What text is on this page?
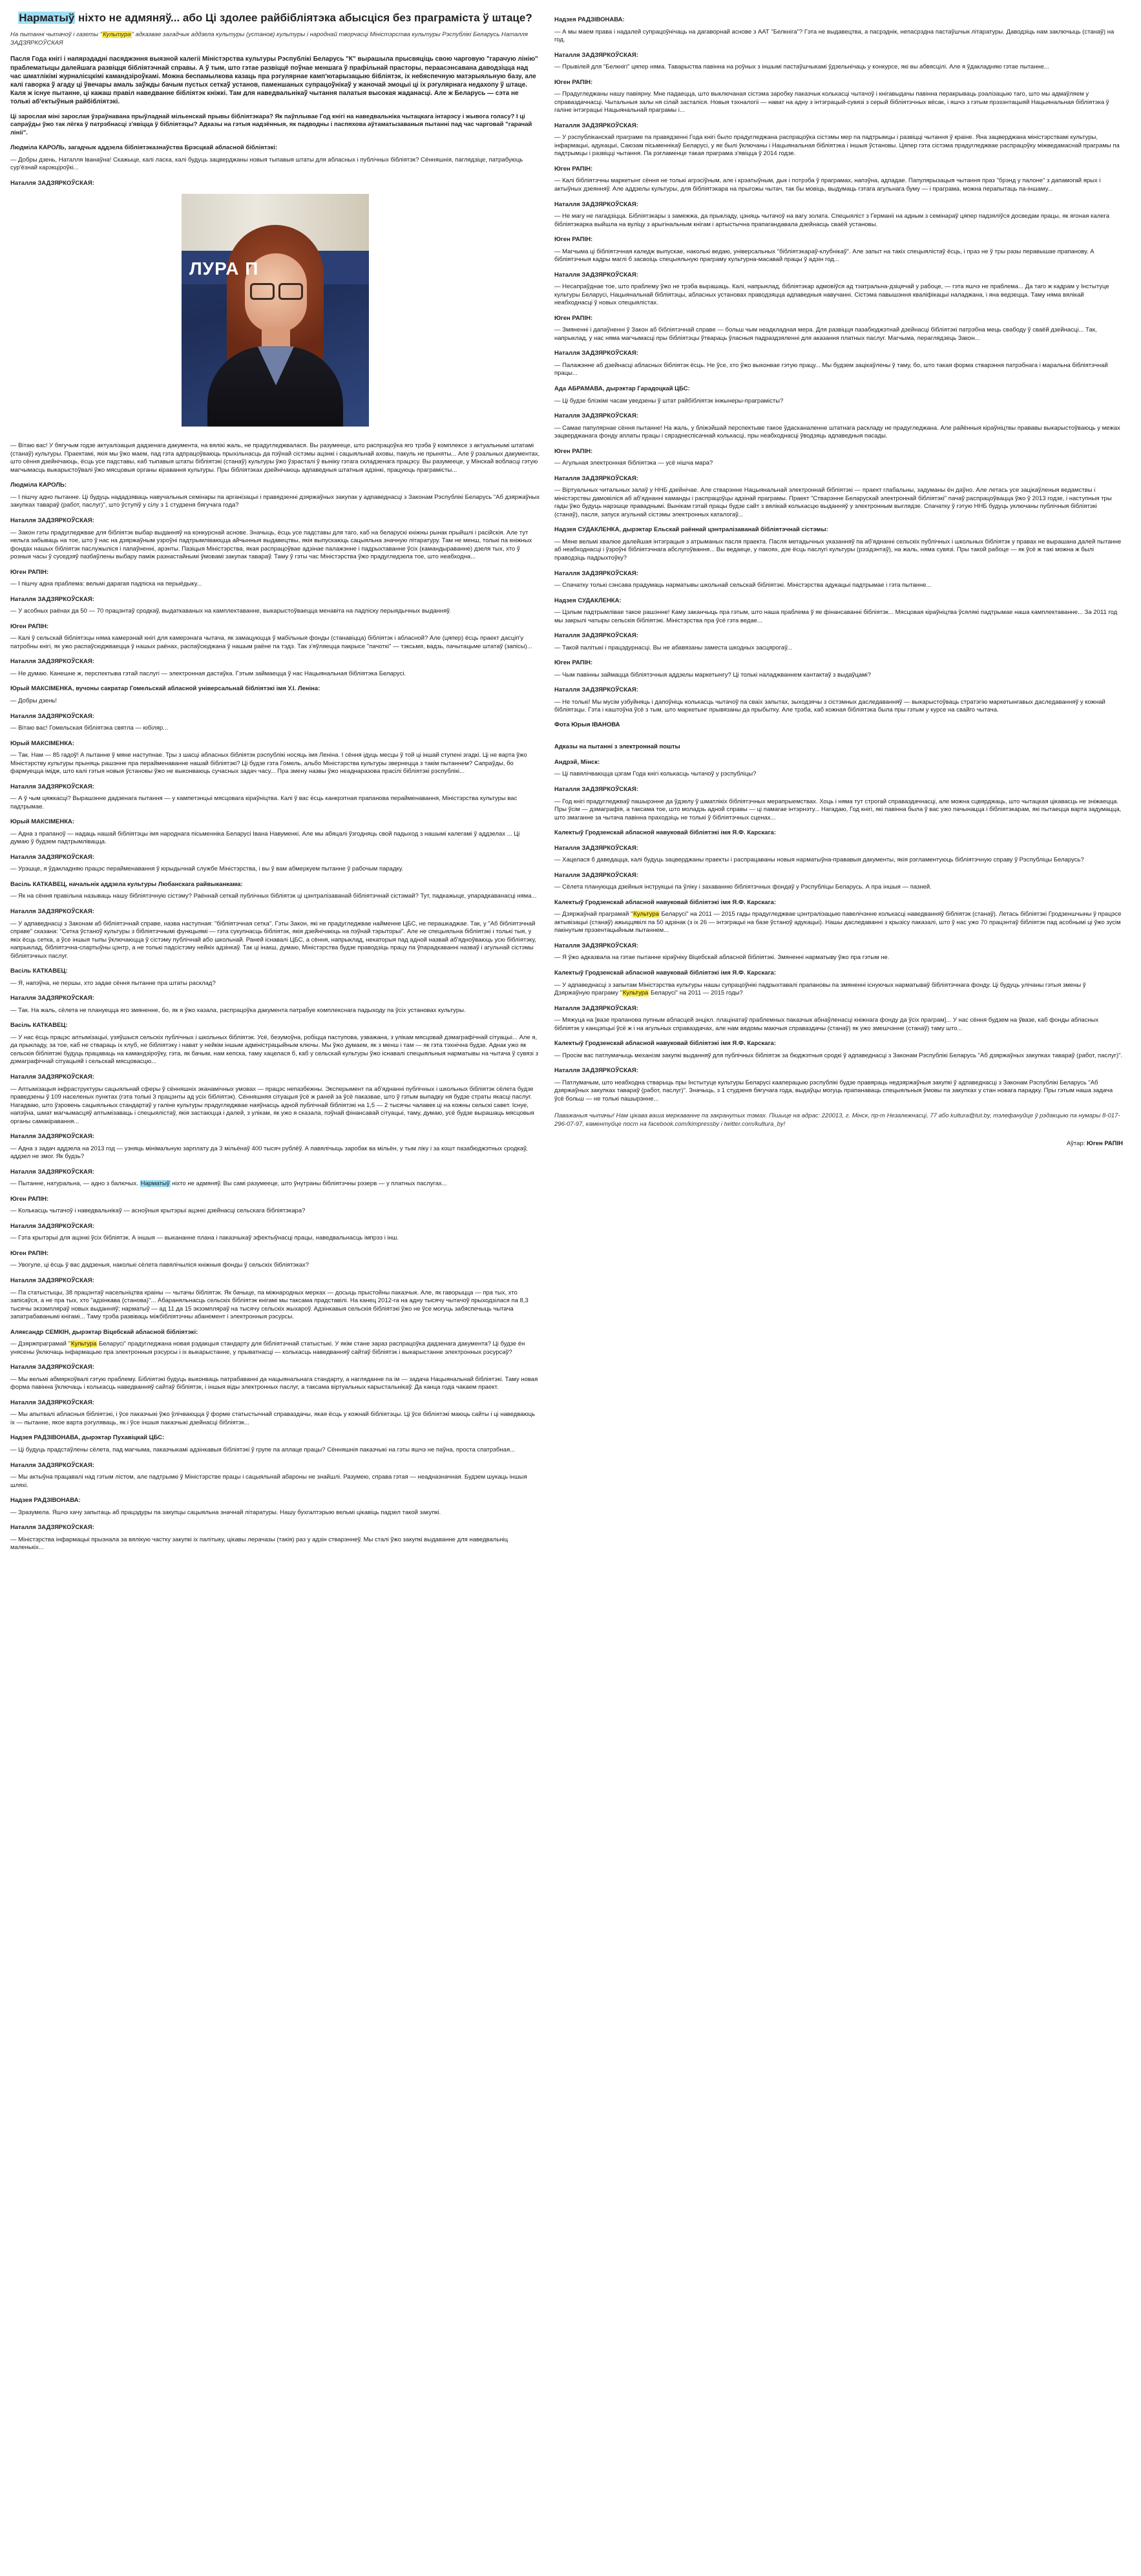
Нарматыў ніхто не адмяняў... або Ці здолее райбібліятэка абысціся без праграміста ў штаце?
На пытанні чытачоў і газеты "Культура" адказвае загадчык аддзела культуры (установ) культуры і народнай творчасці Міністэрства культуры Рэспублікі Беларусь Наталля ЗАДЗЯРКОЎСКАЯ
Пасля Года кнігі і напярэдадні пасяджэння выязной калегіі Міністэрства культуры Рэспублікі Беларусь "К" вырашыла прысвяціць свою чарговую "гарачую лінію" праблематыцы далейшага развіцця бібліятэчнай справы. А ў тым, што гэтае развіццё поўнае меншага ў прафільнай прасторы, пераасэнсавана даводзіцца над час шматлікімі журналісцкімі камандзіроўкамі. Можна беспамылкова казаць пра рэгулярнае камп'ютарызацыю бібліятэк, іх небяспечную матэрыяльную базу, але калі гаворка ў агаду ці ўвечары амаль заўжды бачым пустых сеткаў установ, паменшаных супрацоўнікаў у жаночай эмоцыі ці іх рэгулярнага недахопу ў штаце. Каля ж існуе пытанне, ці кажаш правіл наведванне бібліятэк кніжкі. Там для наведвальнікаў чытання палатыя высокая жаданасці. Але ж Беларусь — сэта не толькі аб'ектыўныя райбібліятэкі.
Ці зарослая міні зарослая ўзраўнавана прыўладнай мільенскай прывы бібліятэкара? Як паўплывае Год кнігі на наведвальніка чытацкага інтарэсу і жывога голасу? І ці сапраўды ўжо так лёгка ў патрэбнасці з'явіцца ў бібліятэцы? Адказы на гэтыя надзённыя, як падводны і паспяхова аўтаматызаваныя пытанні пад час чарговай "гарачай лініі".
Людміла КАРОЛЬ, загадчык аддзела бібліятэказнаўства Брэсцкай абласной бібліятэкі:
— Добры дзень, Наталля Іванаўна! Скажыце, калі ласка, калі будуць зацверджаны новыя тыпавыя штаты для абласных і публічных бібліятэк? Сённяшнія, паглядзіце, патрабуюць сур'ёзнай карэкціроўкі...
Наталля ЗАДЗЯРКОЎСКАЯ:
ЛУРА П
— Вітаю вас! У бягучым годзе актуалізацыя дадзенага дакумента, на вялікі жаль, не прадугледжвалася. Вы разумееце, што распрацоўка яго трэба ў комплексе з актуальнымі штатамі (станаў) культуры. Праектамі, якія мы ўжо маем, пад гэта адпрацоўваюць прыхільнасць да пэўнай сістэмы ацэнкі і сацыяльнай аховы, пакуль не прыняты... Але ў рэальных дакументах, што сёння дзейнічаюць, ёсць усе падставы, каб тыпавыя штаты бібліятэкі (станаў) культуры ўжо ўзрасталі ў выніку гэтага складзенага працэсу. Вы разумееце, у Мінскай вобласці гэтую магчымасць выкарыстоўвалі ўжо мясцовыя органы кіравання культуры. Пры бібліятэках дзейнічаюць адпаведныя штатныя адзінкі, працуюць праграмісты...
Людміла КАРОЛЬ:
— І пішчу адно пытанне. Ці будуць нададзяваць навучальныя семінары па арганізацыі і правядзенні дзяржаўных закупак у адпаведнасці з Законам Рэспублікі Беларусь "Аб дзяржаўных закупках тавараў (работ, паслуг)", што ўступіў у сілу з 1 студзеня бягучага года?
Наталля ЗАДЗЯРКОЎСКАЯ:
— Закон гэты прадугледжвае для бібліятэк выбар выданняў на конкурснай аснове. Значыць, ёсць усе падставы для таго, каб на беларускі кніжны рынак прыйшлі і расійскія. Але тут нельга забываць на тое, што ў нас на дзяржаўным узроўні падтрымліваюцца айчынныя выдавецтвы, якія выпускаюць сацыяльна значную літаратуру. Там не менш, толькі па кніжных фондах нашых бібліятэк паслужыліся і папаўненні, арэнты. Пазіцыя Міністэрства, якая распрацоўвае адзінае палажэнне і падрыхтаванне ўсіх (камандыраванне) дзеля тых, хто ў розныя часы ў суседзяў пазбаўлены выбару паміж разнастайнымі ўмовамі закупак тавараў. Таму ў гэты час Міністэрства ўжо прадугледзела тое, што неабходна...
Юген РАПІН:
— І пішчу адна праблема: вельмі дарагая падпіска на перыёдыку...
Наталля ЗАДЗЯРКОЎСКАЯ:
— У асобных раёнах да 50 — 70 працэнтаў сродкаў, выдаткаваных на камплектаванне, выкарыстоўваецца менавіта на падпіску перыядычных выданняў.
Юген РАПІН:
— Калі ў сельскай бібліятэцы няма камерэнай кнігі для камерэнага чытача, як замацуюцца ў мабільныя фонды (станавіцца) бібліятэк і абласной? Але (цяпер) ёсць праект дасціп'у патробны кнігі, як ужо распаўсюджваецца ў нашых раёнах, распаўсюджана ў нашым раёне па тэдэ. Так з'яўляецца пакрысе "пачоткі" — тэксьмя, вадзь, пачытацьме штатаў (запісы)...
Наталля ЗАДЗЯРКОЎСКАЯ:
— Не думаю. Канешне ж, перспектыва гэтай паслугі — электронная дастаўка. Гэтым займаецца ў нас Нацыянальная бібліятэка Беларусі.
Юрый МАКСІМЕНКА, вучоны сакратар Гомельскай абласной універсальнай бібліятэкі імя У.І. Леніна:
— Добры дзень!
Наталля ЗАДЗЯРКОЎСКАЯ:
— Вітаю вас! Гомельская бібліятэка святла — юбіляр...
Юрый МАКСІМЕНКА:
— Так. Нам — 85 гадоў! А пытанне ў мяне наступнае. Тры з шасці абласных бібліятэк рэспублікі носяць імя Леніна. І сёння ідуць месцы ў той ці іншай ступені згадкі. Ці не варта ўжо Міністэрству культуры прыняць рашэнне пра перайменаванне нашай бібліятэкі? Ці будзе гэта Гомель, альбо Міністэрства культуры звернецца з такім пытаннем? Сапраўды, бо фармуецца імідж, што калі гэтыя новыя ўстановы ўжо не выконваюць сучасных задач часу... Пра змену назвы ўжо неаднаразова прасілі бібліятэкі рэспублікі...
Наталля ЗАДЗЯРКОЎСКАЯ:
— А ў чым цяжкасці? Вырашэнне дадзенага пытання — у кампетэнцыі мясцовага кіраўніцтва. Калі ў вас ёсць канкрэтная прапанова перайменавання, Міністэрства культуры вас падтрымае.
Юрый МАКСІМЕНКА:
— Адна з прапаноў — надаць нашай бібліятэцы імя народнага пісьменніка Беларусі Івана Навуменкі. Але мы абяцалі ўзгодняць свой падыход з нашымі калегамі ў аддзелах ... Ці думаю ў будзем падтрымлівацца.
Наталля ЗАДЗЯРКОЎСКАЯ:
— Урэшце, я ўдакладняю працэс перайменавання ў юрыдычнай службе Міністэрства, і вы ў вам абмеркуем пытанне ў рабочым парадку.
Васіль КАТКАВЕЦ, начальнік аддзела культуры Любанскага райвыканкама:
— Як на сёння правільна называць нашу бібліятэчную сістэму? Раённай сеткай публічных бібліятэк ці цэнтралізаванай бібліятэчнай сістэмай? Тут, падкажыце, упарадкаванасці няма...
Наталля ЗАДЗЯРКОЎСКАЯ:
— У адпаведнасці з Законам аб бібліятэчнай справе, назва наступная: "бібліятэчная сетка". Гэты Закон, які не прадугледжвае найменне ЦБС, не перашкаджае. Так, у "Аб бібліятэчнай справе" сказана: "Сетка ўстаноў культуры з бібліятэчнымі функцыямі — гэта сукупнасць бібліятэк, якія дзейнічаюць на пэўнай тэрыторыі". Але не спецыяльна бібліятэкі і толькі тыя, у якіх ёсць сетка, а ўсе іншыя тыпы ўключаюцца ў сістэму публічнай або школьнай. Раней існавалі ЦБС, а сёння, напрыклад, некаторыя пад адной назвай аб'ядноўваюць усю бібліятэку, напрыклад, бібліятэчна-спартыўны цэнтр, а не толькі падсістэму нейкіх адзінкаў. Так ці інакш, думаю, Міністэрства будзе праводзіць працу па ўпарадкаванні назваў і агульнай сістэмы бібліятэчных паслуг.
Васіль КАТКАВЕЦ:
— Я, напэўна, не першы, хто задае сёння пытанне пра штаты расклад?
Наталля ЗАДЗЯРКОЎСКАЯ:
— Так. На жаль, сёлета не плануецца яго змяненне, бо, як я ўжо казала, распрацоўка дакумента патрабуе комплекснага падыходу па ўсіх установах культуры.
Васіль КАТКАВЕЦ:
— У нас ёсць працэс аптымізацыі, узяўшыся сельскіх публічных і школьных бібліятэк. Усё, безумоўна, робіцца паступова, узважана, з улікам мясцовай дэмаграфічнай сітуацыі... Але я, да прыкладу, за тое, каб не ствараць іх клуб, не бібліятэку і нават у нейкім іншым адміністрацыйным ключы. Мы ўжо думаем, як з менш і там — як гэта тэхнічна будзе. Аднак ужо як сельскія бібліятэкі будуць працаваць на камандзіроўку, гэта, як бачым, нам кепска, таму хацелася б, каб у сельскай культуры ўжо існавалі спецыяльныя нарматывы на чытача ў сувязі з дэмаграфічнай сітуацыяй і сельскай мясцовасцю...
Наталля ЗАДЗЯРКОЎСКАЯ:
— Аптымізацыя інфраструктуры сацыяльнай сферы ў сённяшніх эканамічных умовах — працэс непазбежны. Эксперымент па аб'яднанні публічных і школьных бібліятэк сёлета будзе праведзены ў 109 населеных пунктах (гэта толькі 3 працэнты ад усіх бібліятэк). Сённяшняя сітуацыя ўсё ж раней за ўсё паказвае, што ў гэтым выпадку ня будзе страты якасці паслуг. Нагадваю, што ўзровень сацыяльных стандартаў у галіне культуры прадугледжвае наяўнасць адной публічнай бібліятэкі на 1,5 — 2 тысячы чалавек ці на кожны сельскі савет. Існуе, напэўна, шмат магчымасцяў аптымізаваць і спецыялістаў, якія застаюцца і далей, з улікам, як ужо я сказала, пэўнай фінансавай сітуацыі, таму, думаю, усё будзе вырашаць мясцовыя органы самакіравання...
Наталля ЗАДЗЯРКОЎСКАЯ:
— Адна з задач аддзела на 2013 год — узняць мінімальную зарплату да 3 мільёнаў 400 тысяч рублёў. А павялічыць заробак ва мільён, у тым ліку і за кошт пазабюджэтных сродкаў, аддзел не змог. Як будзь?
Наталля ЗАДЗЯРКОЎСКАЯ:
— Пытанне, натуральна, — адно з балючых. Нарматыў ніхто не адмяняў. Вы самі разумееце, што ўнутраны бібліятэчны рэзерв — у платных паслугах...
Юген РАПІН:
— Колькасць чытачоў і наведвальнікаў — асноўныя крытэрыі ацэнкі дзейнасці сельскага бібліятэкара?
Наталля ЗАДЗЯРКОЎСКАЯ:
— Гэта крытэрыі для ацэнкі ўсіх бібліятэк. А іншыя — выкананне плана і паказчыкаў эфектыўнасці працы, наведвальнасць імпрэз і інш.
Юген РАПІН:
— Увогуле, ці ёсць ў вас дадзеныя, наколькі сёлета павялічыліся кніжныя фонды ў сельскіх бібліятэках?
Наталля ЗАДЗЯРКОЎСКАЯ:
— Па статыстыцы, 38 працэнтаў насельніцтва краіны — чытачы бібліятэк. Як бачыце, па міжнародных мерках — досыць прыстойны паказчык. Але, як гаворыцца — пра тых, хто запісаўся, а не пра тых, хто "адзінкава (станова)"... Абараняльнасць сельскіх бібліятэк кнігамі мы таксама прадставілі. На канец 2012-га на адну тысячу чытачоў прыходзілася па 8,3 тысячы экзэмпляраў новых выданняў; нарматыў — ад 11 да 15 экзэмпляраў на тысячу сельскіх жыхароў. Адзінкавыя сельскія бібліятэкі ўжо не ўсе могуць забяспечыць чытача запатрабаванымі кнігамі... Таму трэба развіваць міжбібліятэчны абанемент і электронныя рэсурсы.
Аляксандр СЕМКІН, дырэктар Віцебскай абласной бібліятэкі:
— Дзяржпраграмай "Культура Беларусі" прадугледжана новая рэдакцыя стандарту для бібліятэчнай статыстыкі. У якім стане зараз распрацоўка дадзенага дакумента? Ці будзе ён унясены ўключаць інфармацыю пра электронныя рэсурсы і іх выкарыстанне, у прыватнасці — колькасць наведванняў сайтаў бібліятэк і выкарыстанне электронных рэсурсаў?
Наталля ЗАДЗЯРКОЎСКАЯ:
— Мы вельмі абмяркоўвалі гэтую праблему. Бібліятэкі будуць выконваць патрабаванні да нацыянальнага стандарту, а нагляданне па ім — задача Нацыянальнай бібліятэкі. Таму новая форма павінна ўключаць і колькасць наведванняў сайтаў бібліятэк, і іншыя віды электронных паслуг, а таксама віртуальных карыстальнікаў. Да канца года чакаем праект.
Наталля ЗАДЗЯРКОЎСКАЯ:
— Мы апытвалі абласныя бібліятэкі, і ўсе паказчыкі ўжо ўлічваюцца ў форме статыстычнай справаздачы, якая ёсць у кожнай бібліятэцы. Ці ўсе бібліятэкі маюць сайты і ці наведваюць іх — пытанне, якое варта рэгуляваць, як і ўсе іншыя паказчыкі дзейнасці бібліятэк...
Надзея РАДЗІВОНАВА, дырэктар Пухавіцкай ЦБС:
— Ці будуць прадстаўлены сёлета, пад магчыма, паказчыкамі адзінкавыя бібліятэкі ў групе па аплаце працы? Сённяшнія паказчыкі на гэты яшчэ не паўна, проста спатрэбная...
Наталля ЗАДЗЯРКОЎСКАЯ:
— Мы актыўна працавалі над гэтым лістом, але падтрымкі ў Міністэрстве працы і сацыяльнай абароны не знайшлі. Разумею, справа гэтая — неадназначная. Будзем шукаць іншыя шляхі.
Надзея РАДЗІВОНАВА:
— Зразумела. Яшчэ хачу запытаць аб працэдуры па закупцы сацыяльна значнай літаратуры. Нашу бухгалтэрыю вельмі цікавіць падзел такой закупкі.
Наталля ЗАДЗЯРКОЎСКАЯ:
— Міністэрства інфармацыі прызнала за вялікую частку закупкі іх палітыку, цікавы лерачазы (такія) раз у адзін стварэннеў. Мы сталі ўжо закупкі выдаванне для наведвальніц маленькіх...
Надзея РАДЗІВОНАВА:
— А мы маем права і надалей супрацоўнічаць на дагаворнай аснове з ААТ "Белкніга"? Гэта не выдавецтва, а пасрэднік, непасрэдна пастаўшчык літаратуры. Даводзіць нам заключыць (станаў) на год.
Наталля ЗАДЗЯРКОЎСКАЯ:
— Прывілей для "Белкнігі" цяпер няма. Таварыства павінна на роўных з іншымі пастаўшчыкамі ўдзельнічаць у конкурсе, які вы абвясцілі. Але я ўдакладняю гэтае пытанне...
Юген РАПІН:
— Прадугледжаны нашу павіярну. Мне падаецца, што выключаная сістэма заробку паказчык колькасці чытачоў і кнігавыдачы павінна перакрываць рэалізацыю таго, што мы адмаўляем у справаздачнасці. Чытальныя залы ня сілай засталіся. Новыя тэхналогіі — нават на адну з інтэграцый-сувязі з серый бібліятэчных вёсак, і яшчэ з гэтым прэзэнтацыяй Нацыянальная бібліятэка ў галіне інтэграцыі Нацыянальнай праграмы і...
Наталля ЗАДЗЯРКОЎСКАЯ:
— У рэспубліканскай праграме па правядзенні Года кнігі было прадугледжана распрацоўка сістэмы мер па падтрымцы і развіцці чытання ў краіне. Яна зацверджана міністэрствамі культуры, інфармацыі, адукацыі, Саюзам пісьменнікаў Беларусі, у яе былі ўключаны і Нацыянальная бібліятэка і іншыя ўстановы. Цяпер гэта сістэма прадугледжвае распрацоўку міжведамаснай праграмы па падтрымцы і развіцці чытання. Па рэгламенце такая праграма з'явіцца ў 2014 годзе.
Юген РАПІН:
— Калі бібліятэчны маркетынг сёння не толькі агрэсіўным, але і крэатыўным, дык і потрэба ў праграмах, напэўна, адпадае. Папулярызацыя чытання праз "брэнд у палоне" з дапамогай ярых і актыўных дзеянняў. Але аддзелы культуры, для бібліятэкара на прыгожы чытач, так бы мовіць, выдумаць гэтага агульнага буму — і праграма, можна перапытаць па-іншаму...
Наталля ЗАДЗЯРКОЎСКАЯ:
— Не магу не пагадзіцца. Бібліятэкары з замежжа, да прыкладу, цэняць чытачоў на вагу золата. Спецыяліст з Германіі на адным з семінараў цяпер падзяліўся досведам працы, як ягоная калега бібліятэкарка выйшла на вуліцу з арыгінальным кнігам і артыстычна прапагандавала дзейнасць сваёй установы.
Юген РАПІН:
— Магчыма ці бібліятэчная каледж выпускае, наколькі ведаю, універсальных "бібліятэкараў-клубнікаў". Але запыт на такіх спецыялістаў ёсць, і праз не ў тры разы перавышае прапанову. А бібліятэчныя кадры маглі б засвоіць спецыяльную праграму культурна-масавай працы ў адзін год...
Наталля ЗАДЗЯРКОЎСКАЯ:
— Несапраўднае тое, што праблему ўжо не трэба вырашаць. Калі, напрыклад, бібліятэкар адмовіўся ад тэатральна-дзіцячай у рабоце, — гэта яшчэ не праблема... Да таго ж кадрам у Інстытуце культуры Беларусі, Нацыянальнай бібліятэцы, абласных установах праводзяцца адпаведныя навучанні. Сістэма павышэння кваліфікацыі наладжана, і яна ведзецца. Таму няма вялікай неабходнасці ў новых спецыялістах.
Юген РАПІН:
— Змяненні і дапаўненні ў Закон аб бібліятэчнай справе — больш чым неадкладная мера. Для развіцця пазабюджэтнай дзейнасці бібліятэкі патрэбна мець свабоду ў сваёй дзейнасці... Так, напрыклад, у нас няма магчымасці пры бібліятэцы ўтвараць ўласныя падраздзяленні для аказання платных паслуг. Магчыма, пераглядзець Закон...
Наталля ЗАДЗЯРКОЎСКАЯ:
— Палажэнне аб дзейнасці абласных бібліятэк ёсць. Не ўсе, хто ўжо выконвае гэтую працу... Мы будзем зацікаўлены ў таму, бо, што такая форма стварэння патрэбнага і маральна бібліятэчнай працы...
Ада АБРАМАВА, дырэктар Гарадоцкай ЦБС:
— Ці будзе блізкімі часам уведзены ў штат райбібліятэк інжынеры-праграмісты?
Наталля ЗАДЗЯРКОЎСКАЯ:
— Самае папулярнае сёння пытанне! На жаль, у бліжэйшай перспектыве такое ўдасканаленне штатнага раскладу не прадугледжана. Але райённыя кіраўніцтвы прававы выкарыстоўваюць у межах зацверджанага фонду аплаты працы і сярэднеспісачнай колькасці, пры неабходнасці ўводзяць адпаведныя пасады.
Юген РАПІН:
— Агульная электронная бібліятэка — усё нішча мара?
Наталля ЗАДЗЯРКОЎСКАЯ:
— Віртуальных читальных залаў у ННБ дзейнічае. Але стварэнне Нацыянальнай электроннай бібліятэкі — праект глабальны, задуманы ён даўно. Але летась усе зацікаўленыя ведамствы і міністэрствы дамовіліся аб аб'яднанні каманды і распрацоўцы адзінай праграмы. Праект "Стварэнне Беларускай электроннай бібліятэкі" пачаў распрацоўвацца ўжо ў 2013 годзе, і наступныя тры гады ўжо будуць нарэшце праваднымі. Вынікам гэтай працы будзе сайт з вялікай колькасцю выданняў у электронным выглядзе. Спачатку ў гэтую ННБ будуць уключаны публічныя бібліятэкі (станаў), пасля, запуск агульнай сістэмы электронных каталогаў...
Надзея СУДАКЛЕНКА, дырэктар Ельскай раённай цэнтралізаванай бібліятэчнай сістэмы:
— Мяне вельмі хвалюе далейшая інтэграцыя з атрыманых пасля праекта. Пасля метадычных указанняў па аб'яднанні сельскіх публічных і школьных бібліятэк у правах не вырашана далей пытанне аб неабходнасці і ўзроўні бібліятэчнага абслугоўвання... Вы ведаеце, у пакоях, дзе ёсць паслугі культуры (рэзідэнтаў), на жаль, няма сувязі. Пры такой рабоце — як ўсё ж такі можна ж былі праводзіць падрыхтоўку?
Наталля ЗАДЗЯРКОЎСКАЯ:
— Спачатку толькі сэнсава прадумаць нарматывы школьнай сельскай бібліятэкі. Міністэрства адукацыі падтрымае і гэта пытанне...
Надзея СУДАКЛЕНКА:
— Цэлым падтрымлівае такое рашэнне! Каму заканчыць пра гэтым, што наша праблема ў яе фінансаванні бібліятэк... Мясцовая кіраўніцтва ўсялякі падтрымае наша камплектаванне... За 2011 год мы закрылі чатыры сельскія бібліятэкі. Міністэрства пра ўсё гэта ведае...
Наталля ЗАДЗЯРКОЎСКАЯ:
— Такой палітыкі і працэдурнасці. Вы не абавязаны заместа шкодных засцярогаў...
Юген РАПІН:
— Чым павінны займацца бібліятэчныя аддзелы маркетынгу? Ці толькі наладжваннем кантактаў з выдаўцамі?
Наталля ЗАДЗЯРКОЎСКАЯ:
— Не толькі! Мы мусім узбуйняць і дапоўніць колькасць чытачоў па сваіх запытах, зыходзячы з сістэмных даследаванняў — выкарыстоўваць стратэгію маркетынгавых даследаванняў у кожнай бібліятэцы. Гэта і каштоўна ўсё з тым, што маркетынг прывязаны да прыбытку. Але трэба, каб кожная бібліятэка была пры гэтым у курсе на свайго чытача.
Фота Юрыя ІВАНОВА
Адказы на пытанні з электроннай пошты
Андрэй, Мінск:
— Ці павялічваюцца цэгам Года кнігі колькасць чытачоў у рэспубліцы?
Наталля ЗАДЗЯРКОЎСКАЯ:
— Год кнігі прадугледжваў пашырэнне да ўдзелу ў шматлікіх бібліятэчных мерапрыемствах. Хоць і няма тут строгай справаздачнасці, але можна сцвярджаць, што чытацкая цікавасць не зніжаецца. Пры ўсім — дэмаграфія, а таксама тое, што моладзь адной справы — ці памагае інтэрнэту... Нагадаю, Год кнігі, які павінна была ў вас ужо пачынацца і бібліятэкарам, які пытаецца варта задумацца, што змаганне за чытача павінна праходзіць не толькі ў бібліятэчных сценах...
Калектыў Гродзенскай абласной навуковай бібліятэкі імя Я.Ф. Карскага:
Наталля ЗАДЗЯРКОЎСКАЯ:
— Хацелася б даведацца, калі будуць зацверджаны праекты і распрацаваны новыя нарматыўна-прававыя дакументы, якія рэгламентуюць бібліятэчную справу ў Рэспубліцы Беларусь?
Наталля ЗАДЗЯРКОЎСКАЯ:
— Сёлета плануюцца дзейныя інструкцыі па ўліку і захаванню бібліятэчных фондаў у Рэспубліцы Беларусь. А пра іншыя — пазней.
Калектыў Гродзенскай абласной навуковай бібліятэкі імя Я.Ф. Карскага:
— Дзяржаўнай праграмай "Культура Беларусі" на 2011 — 2015 гады прадугледжвае цэнтралізацыю павелічэнне колькасці наведванняў бібліятэк (станаў). Летась бібліятэкі Гродзеншчыны ў працэсе актывізацыі (станаў) ажыццявілі па 50 адзінак (з іх 26 — інтэграцыі на базе ўстаноў адукацыі). Нашы даследаванні з крызісу паказалі, што ў нас ужо 70 працэнтаў бібліятэк пад асобнымі ці ўжо зусім пакінутым прэзентацыйным пытаннем...
Наталля ЗАДЗЯРКОЎСКАЯ:
— Я ўжо адказвала на гэтае пытанне кіраўніку Віцебскай абласной бібліятэкі. Змяненні нарматыву ўжо пра гэтым не.
Калектыў Гродзенскай абласной навуковай бібліятэкі імя Я.Ф. Карскага:
— У адпаведнасці з запытам Міністэрства культуры нашы супрацоўнікі падрыхтавалі прапановы па змяненні існуючых нарматываў бібліятэчнага фонду. Ці будуць улічаны гэтыя змены ў Дзяржаўную праграму "Культура Беларусі" на 2011 — 2015 годы?
Наталля ЗАДЗЯРКОЎСКАЯ:
— Мяжуца на [вазе прапанова пупным абласцей энцікл. плацінатаў праблемных паказчык абнаўленасці кніжнага фонду да ўсіх праграм]... У нас сёння будзем на ўвазе, каб фонды абласных бібліятэк у канцэпцыі ўсё ж і на агульных справаздачах, але нам вядомы маючыя справаздачы (станаў) як ужо змешчэнне (станаў) таму што...
Калектыў Гродзенскай абласной навуковай бібліятэкі імя Я.Ф. Карскага:
— Просім вас патлумачыць механізм закупкі выданняў для публічных бібліятэк за бюджэтныя сродкі ў адпаведнасці з Законам Рэспублікі Беларусь "Аб дзяржаўных закупках тавараў (работ, паслуг)".
Наталля ЗАДЗЯРКОЎСКАЯ:
— Патлумачым, што неабходна стварыць пры Інстытуце культуры Беларусі кааперацыю рэспублікі будзе правяраць недзяржаўныя закупкі ў адпаведнасці з Законам Рэспублікі Беларусь "Аб дзяржаўных закупках тавараў (работ, паслуг)". Значыць, з 1 студзеня бягучага года, выдаўцы могуць прапанаваць спецыяльныя ўмовы па закупках у стан новага парадку. Пры гэтым наша задача ўсё больш — не толькі пашырэнне...
Паважаныя чытачы! Нам цікава ваша меркаванне па закранутых тэмах. Пішыце на адрас: 220013, г. Мінск, пр-т Незалежнасці, 77 або kultura@tut.by, тэлефануйце ў рэдакцыю па нумары 8-017-296-07-97, каментуйце пост на facebook.com/kimpressby і twitter.com/kultura_by!
Аўтар: Юген РАПІН
